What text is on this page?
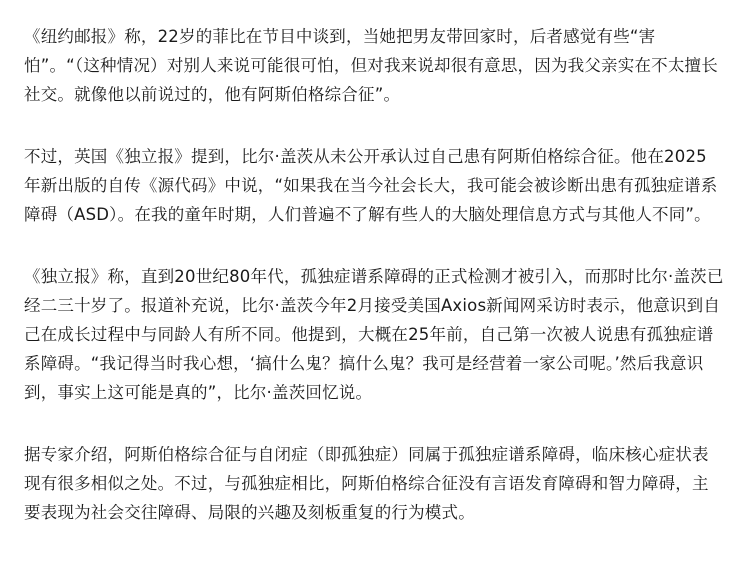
《纽约邮报》称，22岁的菲比在节目中谈到，当她把男友带回家时，后者感觉有些“害怕”。“（这种情况）对别人来说可能很可怕，但对我来说却很有意思，因为我父亲实在不太擅长社交。就像他以前说过的，他有阿斯伯格综合征”。

不过，英国《独立报》提到，比尔·盖茨从未公开承认过自己患有阿斯伯格综合征。他在2025 年新出版的自传《源代码》中说，“如果我在当今社会长大，我可能会被诊断出患有孤独症谱系障碍（ASD）。在我的童年时期，人们普遍不了解有些人的大脑处理信息方式与其他人不同”。

《独立报》称，直到20世纪80年代，孤独症谱系障碍的正式检测才被引入，而那时比尔·盖茨已经二三十岁了。报道补充说，比尔·盖茨今年2月接受美国Axios新闻网采访时表示，他意识到自己在成长过程中与同龄人有所不同。他提到，大概在25年前，自己第一次被人说患有孤独症谱系障碍。“我记得当时我心想，‘搞什么鬼？搞什么鬼？我可是经营着一家公司呢。’然后我意识到，事实上这可能是真的”，比尔·盖茨回忆说。

据专家介绍，阿斯伯格综合征与自闭症（即孤独症）同属于孤独症谱系障碍，临床核心症状表现有很多相似之处。不过，与孤独症相比，阿斯伯格综合征没有言语发育障碍和智力障碍，主要表现为社会交往障碍、局限的兴趣及刻板重复的行为模式。
